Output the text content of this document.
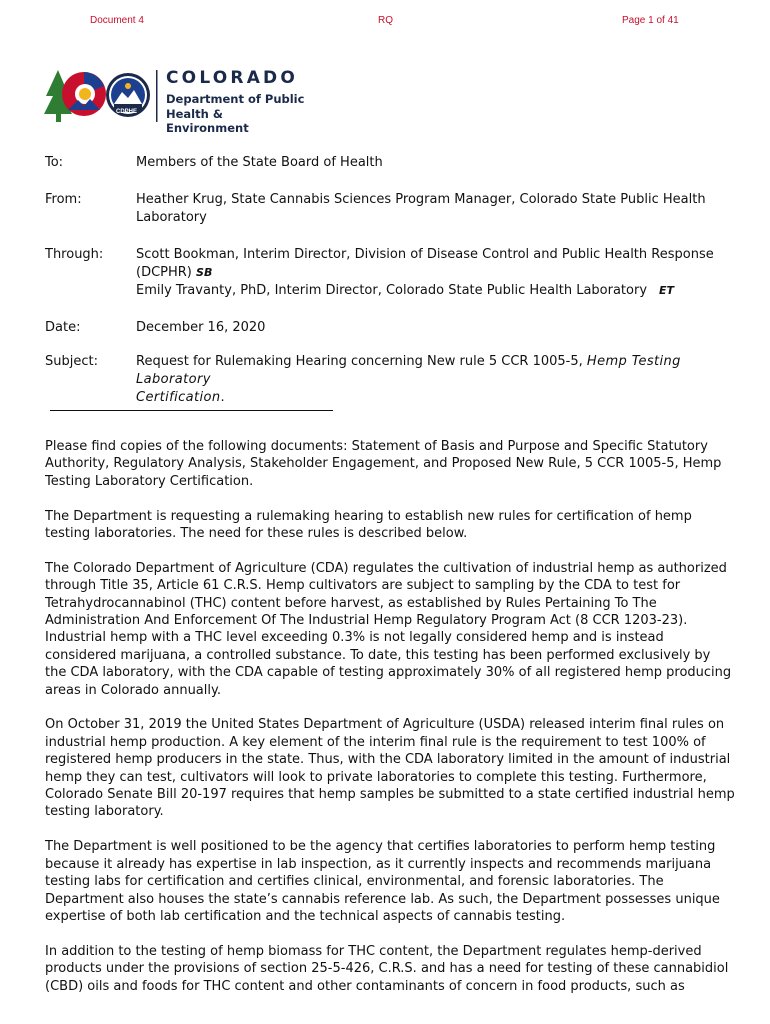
Document 4	RQ	Page 1 of 41
CDPHE
COLORADO
Department of Public
Health & Environment
To:	Members of the State Board of Health
From:	Heather Krug, State Cannabis Sciences Program Manager, Colorado State Public Health
Laboratory
Through:	Scott Bookman, Interim Director, Division of Disease Control and Public Health Response
(DCPHR) SB
Emily Travanty, PhD, Interim Director, Colorado State Public Health Laboratory ET
Date:	December 16, 2020
Subject:	Request for Rulemaking Hearing concerning New rule 5 CCR 1005-5, Hemp Testing Laboratory
Certification.

Please find copies of the following documents: Statement of Basis and Purpose and Specific Statutory Authority, Regulatory Analysis, Stakeholder Engagement, and Proposed New Rule, 5 CCR 1005-5, Hemp Testing Laboratory Certification.

The Department is requesting a rulemaking hearing to establish new rules for certification of hemp testing laboratories. The need for these rules is described below.

The Colorado Department of Agriculture (CDA) regulates the cultivation of industrial hemp as authorized through Title 35, Article 61 C.R.S. Hemp cultivators are subject to sampling by the CDA to test for Tetrahydrocannabinol (THC) content before harvest, as established by Rules Pertaining To The Administration And Enforcement Of The Industrial Hemp Regulatory Program Act (8 CCR 1203-23). Industrial hemp with a THC level exceeding 0.3% is not legally considered hemp and is instead considered marijuana, a controlled substance. To date, this testing has been performed exclusively by the CDA laboratory, with the CDA capable of testing approximately 30% of all registered hemp producing areas in Colorado annually.

On October 31, 2019 the United States Department of Agriculture (USDA) released interim final rules on industrial hemp production. A key element of the interim final rule is the requirement to test 100% of registered hemp producers in the state. Thus, with the CDA laboratory limited in the amount of industrial hemp they can test, cultivators will look to private laboratories to complete this testing. Furthermore, Colorado Senate Bill 20-197 requires that hemp samples be submitted to a state certified industrial hemp testing laboratory.

The Department is well positioned to be the agency that certifies laboratories to perform hemp testing because it already has expertise in lab inspection, as it currently inspects and recommends marijuana testing labs for certification and certifies clinical, environmental, and forensic laboratories. The Department also houses the state’s cannabis reference lab. As such, the Department possesses unique expertise of both lab certification and the technical aspects of cannabis testing.

In addition to the testing of hemp biomass for THC content, the Department regulates hemp-derived products under the provisions of section 25-5-426, C.R.S. and has a need for testing of these cannabidiol (CBD) oils and foods for THC content and other contaminants of concern in food products, such as
